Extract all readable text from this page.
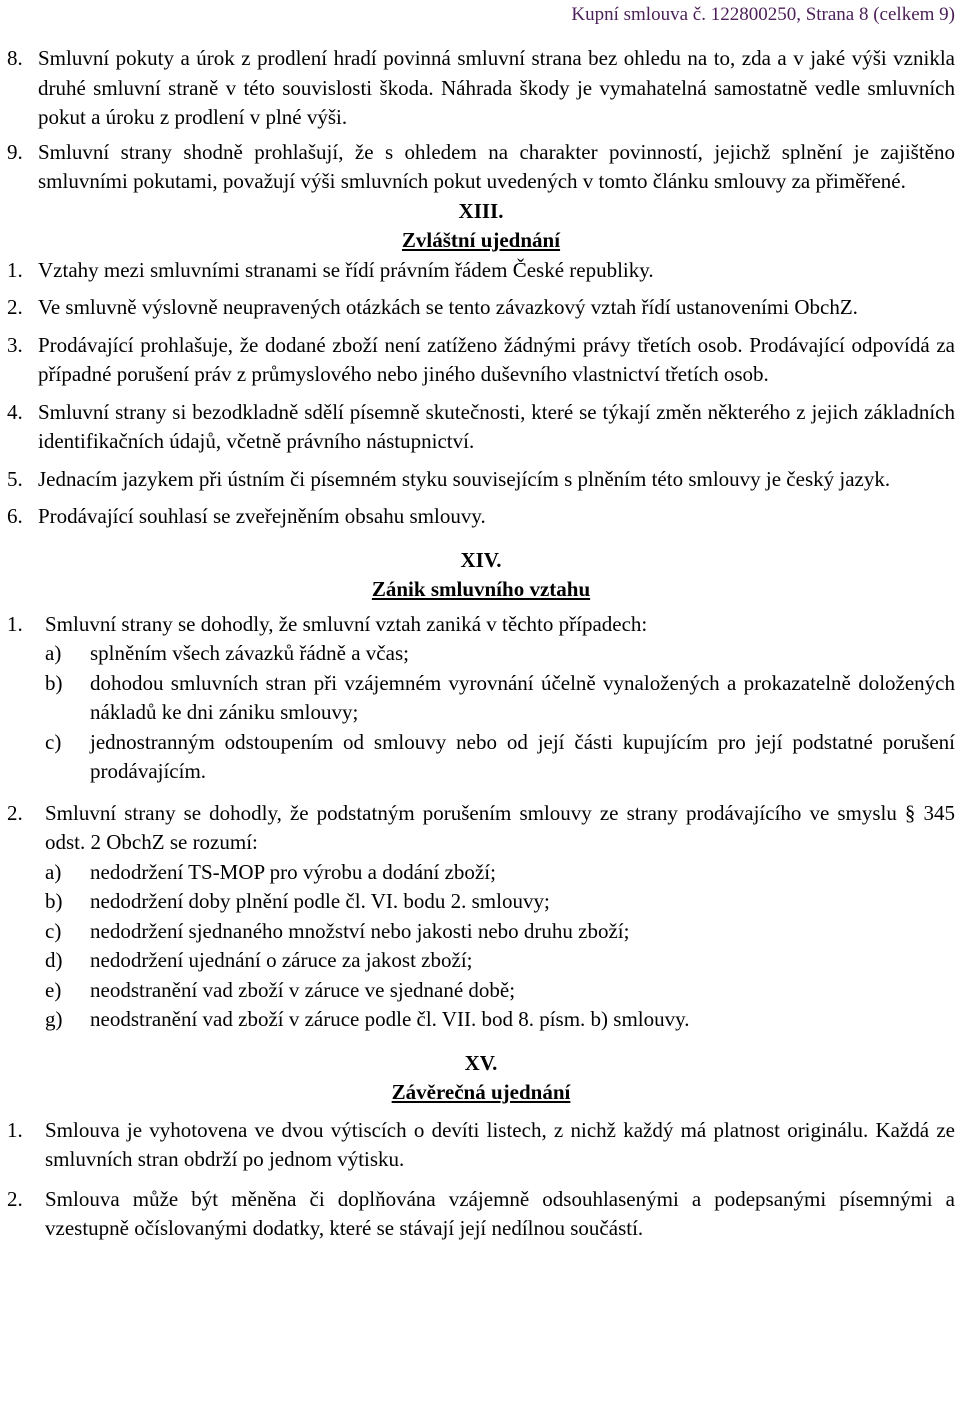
Kupní smlouva č. 122800250, Strana 8 (celkem 9)
8. Smluvní pokuty a úrok z prodlení hradí povinná smluvní strana bez ohledu na to, zda a v jaké výši vznikla druhé smluvní straně v této souvislosti škoda. Náhrada škody je vymahatelná samostatně vedle smluvních pokut a úroku z prodlení v plné výši.
9. Smluvní strany shodně prohlašují, že s ohledem na charakter povinností, jejichž splnění je zajištěno smluvními pokutami, považují výši smluvních pokut uvedených v tomto článku smlouvy za přiměřené.
XIII.
Zvláštní ujednání
1. Vztahy mezi smluvními stranami se řídí právním řádem České republiky.
2. Ve smluvně výslovně neupravených otázkách se tento závazkový vztah řídí ustanoveními ObchZ.
3. Prodávající prohlašuje, že dodané zboží není zatíženo žádnými právy třetích osob. Prodávající odpovídá za případné porušení práv z průmyslového nebo jiného duševního vlastnictví třetích osob.
4. Smluvní strany si bezodkladně sdělí písemně skutečnosti, které se týkají změn některého z jejich základních identifikačních údajů, včetně právního nástupnictví.
5. Jednacím jazykem při ústním či písemném styku souvisejícím s plněním této smlouvy je český jazyk.
6. Prodávající souhlasí se zveřejněním obsahu smlouvy.
XIV.
Zánik smluvního vztahu
1. Smluvní strany se dohodly, že smluvní vztah zaniká v těchto případech:
a) splněním všech závazků řádně a včas;
b) dohodou smluvních stran při vzájemném vyrovnání účelně vynaložených a prokazatelně doložených nákladů ke dni zániku smlouvy;
c) jednostranným odstoupením od smlouvy nebo od její části kupujícím pro její podstatné porušení prodávajícím.
2. Smluvní strany se dohodly, že podstatným porušením smlouvy ze strany prodávajícího ve smyslu § 345 odst. 2 ObchZ se rozumí:
a) nedodržení TS-MOP pro výrobu a dodání zboží;
b) nedodržení doby plnění podle čl. VI. bodu 2. smlouvy;
c) nedodržení sjednaného množství nebo jakosti nebo druhu zboží;
d) nedodržení ujednání o záruce za jakost zboží;
e) neodstranění vad zboží v záruce ve sjednané době;
g) neodstranění vad zboží v záruce podle čl. VII. bod 8. písm. b) smlouvy.
XV.
Závěrečná ujednání
1. Smlouva je vyhotovena ve dvou výtiscích o devíti listech, z nichž každý má platnost originálu. Každá ze smluvních stran obdrží po jednom výtisku.
2. Smlouva může být měněna či doplňována vzájemně odsouhlasenými a podepsanými písemnými a vzestupně očíslovanými dodatky, které se stávají její nedílnou součástí.
